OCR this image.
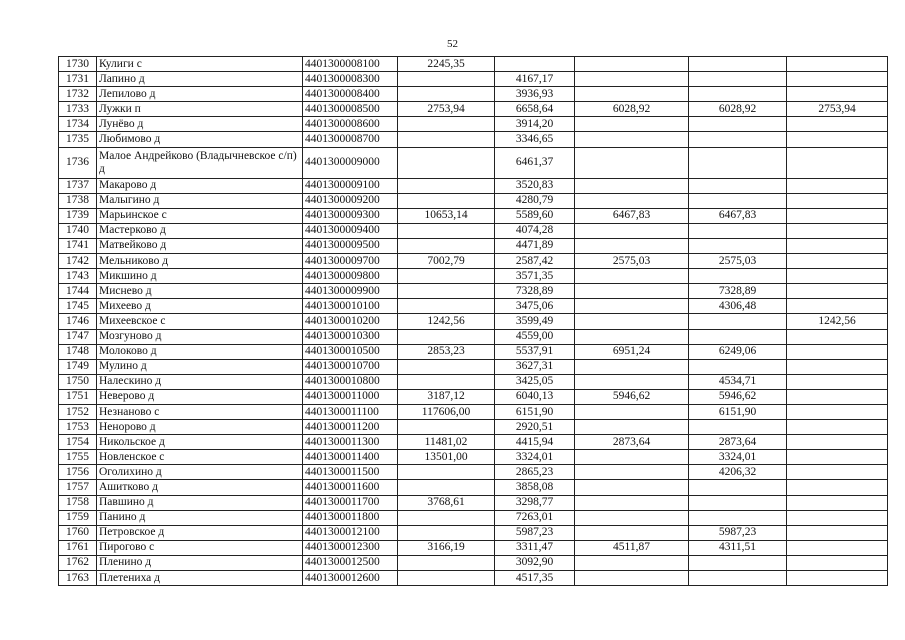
52
1730	Кулиги с	4401300008100	2245,35				
1731	Лапино д	4401300008300		4167,17			
1732	Лепилово д	4401300008400		3936,93			
1733	Лужки п	4401300008500	2753,94	6658,64	6028,92	6028,92	2753,94
1734	Лунёво д	4401300008600		3914,20			
1735	Любимово д	4401300008700		3346,65			
1736	Малое Андрейково (Владычневское с/п) д	4401300009000		6461,37			
1737	Макарово д	4401300009100		3520,83			
1738	Малыгино д	4401300009200		4280,79			
1739	Марьинское с	4401300009300	10653,14	5589,60	6467,83	6467,83	
1740	Мастерково д	4401300009400		4074,28			
1741	Матвейково д	4401300009500		4471,89			
1742	Мельниково д	4401300009700	7002,79	2587,42	2575,03	2575,03	
1743	Микшино д	4401300009800		3571,35			
1744	Миснево д	4401300009900		7328,89		7328,89	
1745	Михеево д	4401300010100		3475,06		4306,48	
1746	Михеевское с	4401300010200	1242,56	3599,49			1242,56
1747	Мозгуново д	4401300010300		4559,00			
1748	Молоково д	4401300010500	2853,23	5537,91	6951,24	6249,06	
1749	Мулино д	4401300010700		3627,31			
1750	Налескино д	4401300010800		3425,05		4534,71	
1751	Неверово д	4401300011000	3187,12	6040,13	5946,62	5946,62	
1752	Незнаново с	4401300011100	117606,00	6151,90		6151,90	
1753	Ненорово д	4401300011200		2920,51			
1754	Никольское д	4401300011300	11481,02	4415,94	2873,64	2873,64	
1755	Новленское с	4401300011400	13501,00	3324,01		3324,01	
1756	Оголихино д	4401300011500		2865,23		4206,32	
1757	Ашитково д	4401300011600		3858,08			
1758	Павшино д	4401300011700	3768,61	3298,77			
1759	Панино д	4401300011800		7263,01			
1760	Петровское д	4401300012100		5987,23		5987,23	
1761	Пирогово с	4401300012300	3166,19	3311,47	4511,87	4311,51	
1762	Пленино д	4401300012500		3092,90			
1763	Плетениха д	4401300012600		4517,35			
